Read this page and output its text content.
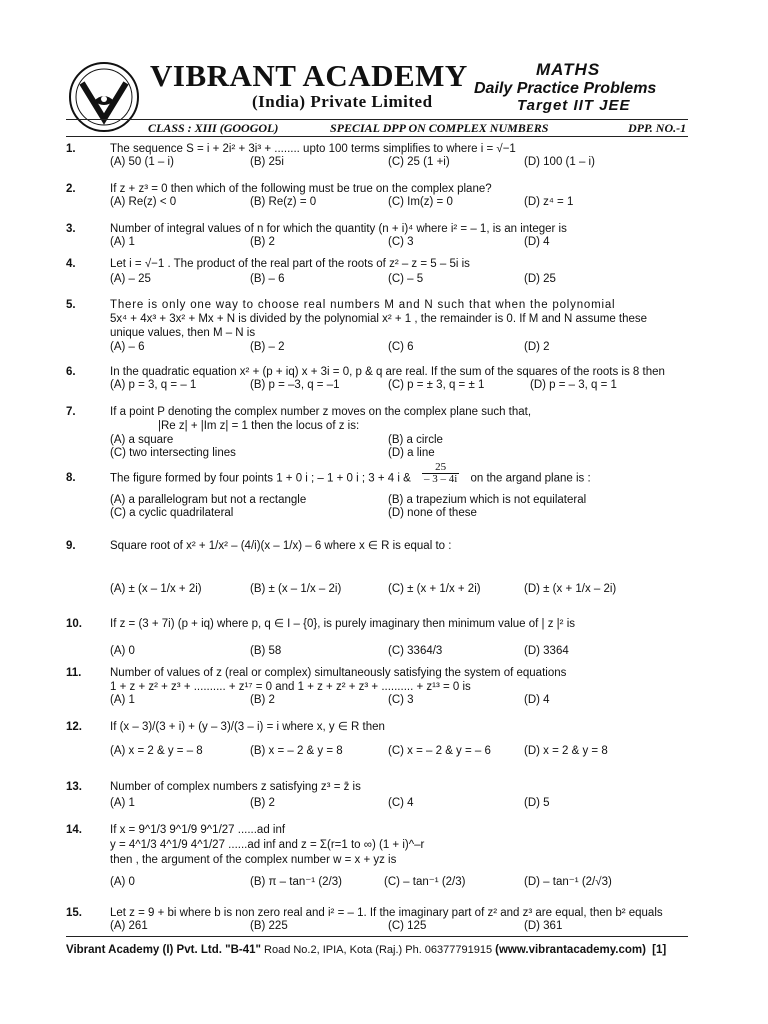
VIBRANT ACADEMY
(India) Private Limited
MATHS
Daily Practice Problems
Target IIT JEE
CLASS : XIII (GOOGOL)	SPECIAL DPP ON COMPLEX NUMBERS	DPP. NO.-1
1.	The sequence S = i + 2i² + 3i³ + ........ upto 100 terms simplifies to where i = √−1
(A) 50 (1 – i)	(B) 25i	(C) 25 (1 +i)	(D) 100 (1 – i)
2.	If z + z³ = 0 then which of the following must be true on the complex plane?
(A) Re(z) < 0	(B) Re(z) = 0	(C) Im(z) = 0	(D) z⁴ = 1
3.	Number of integral values of n for which the quantity (n + i)⁴ where i² = – 1, is an integer is
(A) 1	(B) 2	(C) 3	(D) 4
4.	Let i = √−1 . The product of the real part of the roots of z² – z = 5 – 5i is
(A) – 25	(B) – 6	(C) – 5	(D) 25
5.	There is only one way to choose real numbers M and N such that when the polynomial
5x⁴ + 4x³ + 3x² + Mx + N is divided by the polynomial x² + 1 , the remainder is 0. If M and N assume these
unique values, then M – N is
(A) – 6	(B) – 2	(C) 6	(D) 2
6.	In the quadratic equation x² + (p + iq) x + 3i = 0, p & q are real. If the sum of the squares of the roots is 8 then
(A) p = 3, q = – 1	(B) p = –3, q = –1	(C) p = ± 3, q = ± 1	(D) p = – 3, q = 1
7.	If a point P denoting the complex number z moves on the complex plane such that,
|Re z| + |Im z| = 1 then the locus of z is:
(A) a square	(B) a circle
(C) two intersecting lines	(D) a line
8.	The figure formed by four points 1 + 0 i ; – 1 + 0 i ; 3 + 4 i & $\frac{25}{- 3 - 4i}$ on the argand plane is :
(A) a parallelogram but not a rectangle	(B) a trapezium which is not equilateral
(C) a cyclic quadrilateral	(D) none of these
9.	Square root of x² + 1/x² – (4/i)(x – 1/x) – 6 where x ∈ R is equal to :
(A) ± (x – 1/x + 2i)	(B) ± (x – 1/x – 2i)	(C) ± (x + 1/x + 2i)	(D) ± (x + 1/x – 2i)
10. If z = (3 + 7i) (p + iq) where p, q ∈ I – {0}, is purely imaginary then minimum value of | z |² is
(A) 0	(B) 58	(C) 3364/3	(D) 3364
11. Number of values of z (real or complex) simultaneously satisfying the system of equations
1 + z + z² + z³ + .......... + z¹⁷ = 0 and 1 + z + z² + z³ + .......... + z¹³ = 0 is
(A) 1	(B) 2	(C) 3	(D) 4
12. If (x – 3)/(3 + i) + (y – 3)/(3 – i) = i where x, y ∈ R then
(A) x = 2 & y = – 8	(B) x = – 2 & y = 8	(C) x = – 2 & y = – 6	(D) x = 2 & y = 8
13. Number of complex numbers z satisfying z³ = z̄ is
(A) 1	(B) 2	(C) 4	(D) 5
14. If x = 9^1/3 9^1/9 9^1/27 ......ad inf
y = 4^1/3 4^1/9 4^1/27 ......ad inf and z = Σ(r=1 to ∞) (1 + i)^–r
then , the argument of the complex number w = x + yz is
(A) 0	(B) π – tan⁻¹ (2/3)	(C) – tan⁻¹ (2/3)	(D) – tan⁻¹ (2/√3)
15. Let z = 9 + bi where b is non zero real and i² = – 1. If the imaginary part of z² and z³ are equal, then b² equals
(A) 261	(B) 225	(C) 125	(D) 361
Vibrant Academy (I) Pvt. Ltd. "B-41" Road No.2, IPIA, Kota (Raj.) Ph. 06377791915 (www.vibrantacademy.com) [1]
